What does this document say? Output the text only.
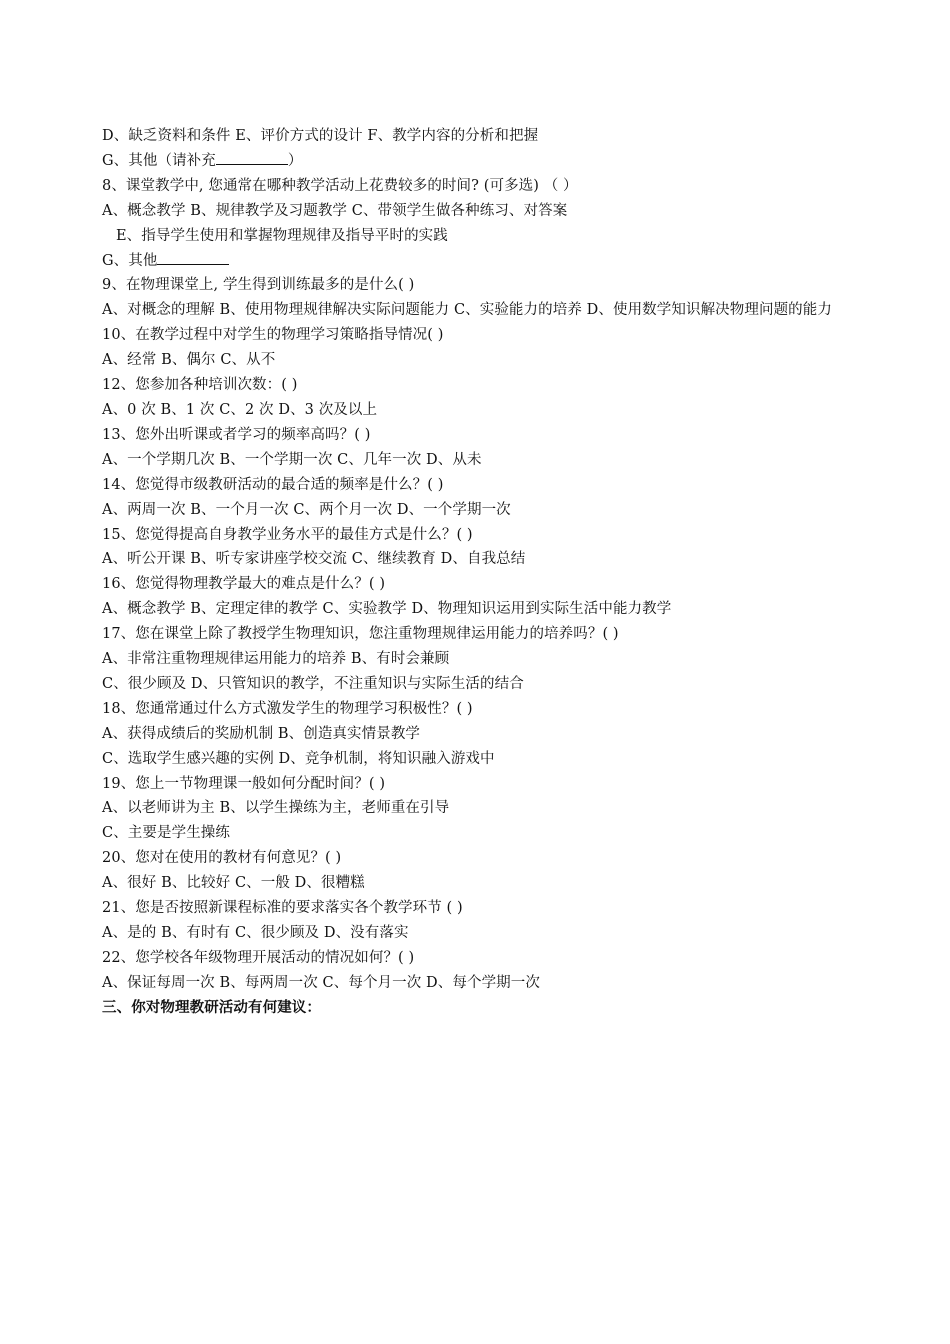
D、缺乏资料和条件 E、评价方式的设计 F、教学内容的分析和把握
G、其他（请补充	）
8、课堂教学中, 您通常在哪种教学活动上花费较多的时间? (可多选) （ ）
A、概念教学 B、规律教学及习题教学 C、带领学生做各种练习、对答案
E、指导学生使用和掌握物理规律及指导平时的实践
G、其他
9、在物理课堂上, 学生得到训练最多的是什么( )
A、对概念的理解 B、使用物理规律解决实际问题能力 C、实验能力的培养 D、使用数学知识解决物理问题的能力
10、在教学过程中对学生的物理学习策略指导情况( )
A、经常 B、偶尔 C、从不
12、您参加各种培训次数：( )
A、0 次 B、1 次 C、2 次 D、3 次及以上
13、您外出听课或者学习的频率高吗？( )
A、一个学期几次 B、一个学期一次 C、几年一次 D、从未
14、您觉得市级教研活动的最合适的频率是什么？( )
A、两周一次 B、一个月一次 C、两个月一次 D、一个学期一次
15、您觉得提高自身教学业务水平的最佳方式是什么？( )
A、听公开课 B、听专家讲座学校交流 C、继续教育 D、自我总结
16、您觉得物理教学最大的难点是什么？( )
A、概念教学 B、定理定律的教学 C、实验教学 D、物理知识运用到实际生活中能力教学
17、您在课堂上除了教授学生物理知识，您注重物理规律运用能力的培养吗？( )
A、非常注重物理规律运用能力的培养 B、有时会兼顾
C、很少顾及 D、只管知识的教学，不注重知识与实际生活的结合
18、您通常通过什么方式激发学生的物理学习积极性？( )
A、获得成绩后的奖励机制 B、创造真实情景教学
C、选取学生感兴趣的实例 D、竞争机制，将知识融入游戏中
19、您上一节物理课一般如何分配时间？( )
A、以老师讲为主 B、以学生操练为主，老师重在引导
C、主要是学生操练
20、您对在使用的教材有何意见？( )
A、很好 B、比较好 C、一般 D、很糟糕
21、您是否按照新课程标准的要求落实各个教学环节 ( )
A、是的 B、有时有 C、很少顾及 D、没有落实
22、您学校各年级物理开展活动的情况如何？( )
A、保证每周一次 B、每两周一次 C、每个月一次 D、每个学期一次
三、你对物理教研活动有何建议：
